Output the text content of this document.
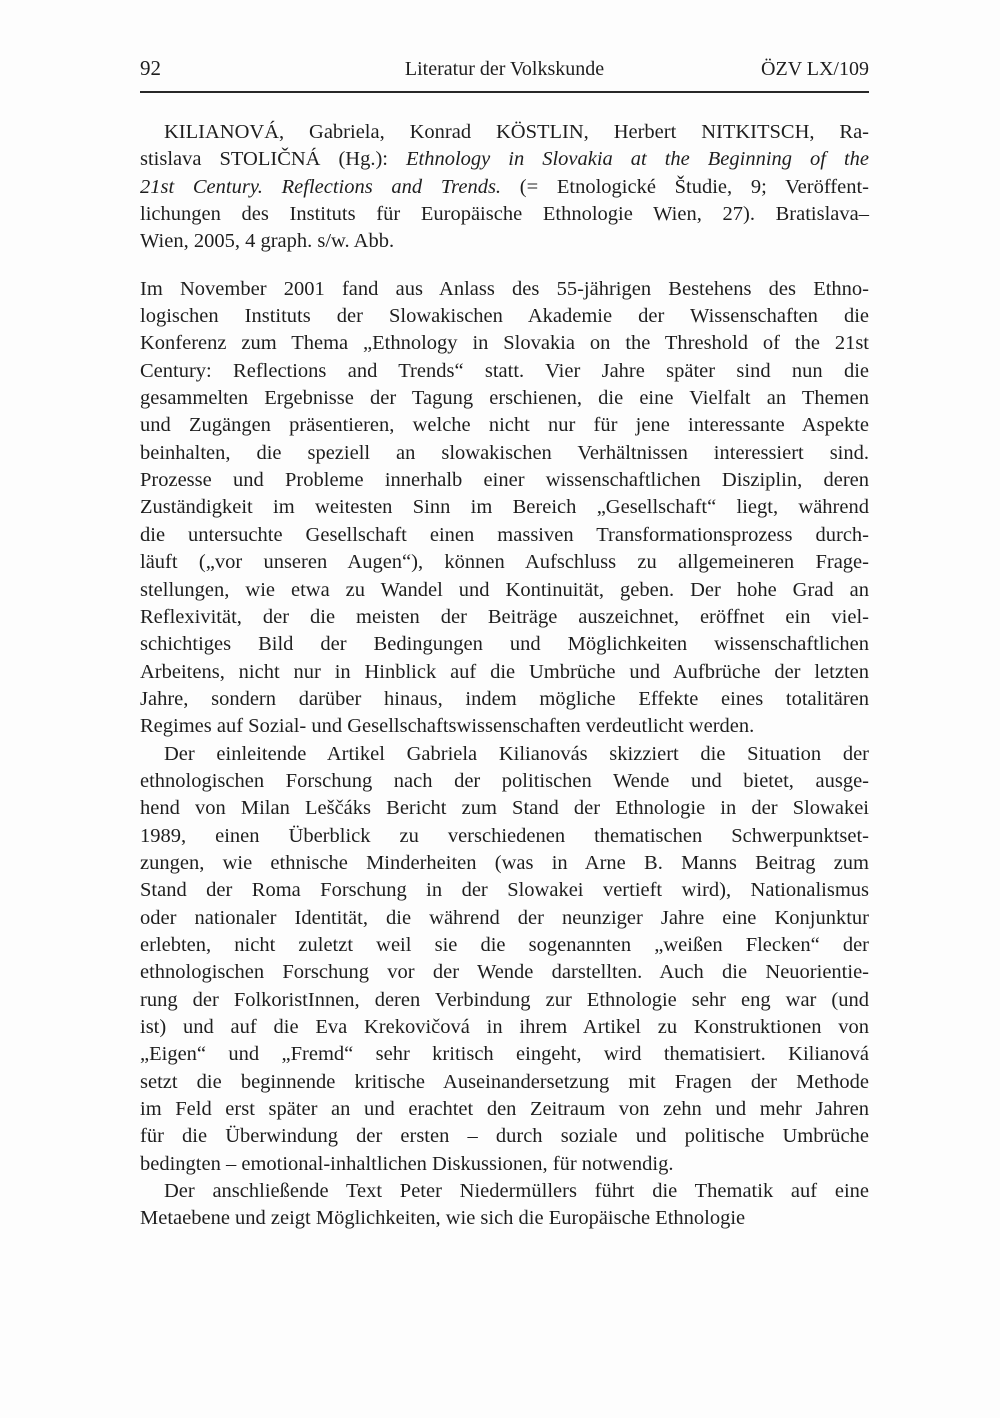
92	Literatur der Volkskunde	ÖZV LX/109
KILIANOVÁ, Gabriela, Konrad KÖSTLIN, Herbert NITKITSCH, Ra-
stislava STOLIČNÁ (Hg.): Ethnology in Slovakia at the Beginning of the
21st Century. Reflections and Trends. (= Etnologické Študie, 9; Veröffent-
lichungen des Instituts für Europäische Ethnologie Wien, 27). Bratislava–
Wien, 2005, 4 graph. s/w. Abb.
Im November 2001 fand aus Anlass des 55-jährigen Bestehens des Ethno-
logischen Instituts der Slowakischen Akademie der Wissenschaften die
Konferenz zum Thema „Ethnology in Slovakia on the Threshold of the 21st
Century: Reflections and Trends“ statt. Vier Jahre später sind nun die
gesammelten Ergebnisse der Tagung erschienen, die eine Vielfalt an Themen
und Zugängen präsentieren, welche nicht nur für jene interessante Aspekte
beinhalten, die speziell an slowakischen Verhältnissen interessiert sind.
Prozesse und Probleme innerhalb einer wissenschaftlichen Disziplin, deren
Zuständigkeit im weitesten Sinn im Bereich „Gesellschaft“ liegt, während
die untersuchte Gesellschaft einen massiven Transformationsprozess durch-
läuft („vor unseren Augen“), können Aufschluss zu allgemeineren Frage-
stellungen, wie etwa zu Wandel und Kontinuität, geben. Der hohe Grad an
Reflexivität, der die meisten der Beiträge auszeichnet, eröffnet ein viel-
schichtiges Bild der Bedingungen und Möglichkeiten wissenschaftlichen
Arbeitens, nicht nur in Hinblick auf die Umbrüche und Aufbrüche der letzten
Jahre, sondern darüber hinaus, indem mögliche Effekte eines totalitären
Regimes auf Sozial- und Gesellschaftswissenschaften verdeutlicht werden.
Der einleitende Artikel Gabriela Kilianovás skizziert die Situation der
ethnologischen Forschung nach der politischen Wende und bietet, ausge-
hend von Milan Leščáks Bericht zum Stand der Ethnologie in der Slowakei
1989, einen Überblick zu verschiedenen thematischen Schwerpunktset-
zungen, wie ethnische Minderheiten (was in Arne B. Manns Beitrag zum
Stand der Roma Forschung in der Slowakei vertieft wird), Nationalismus
oder nationaler Identität, die während der neunziger Jahre eine Konjunktur
erlebten, nicht zuletzt weil sie die sogenannten „weißen Flecken“ der
ethnologischen Forschung vor der Wende darstellten. Auch die Neuorientie-
rung der FolkoristInnen, deren Verbindung zur Ethnologie sehr eng war (und
ist) und auf die Eva Krekovičová in ihrem Artikel zu Konstruktionen von
„Eigen“ und „Fremd“ sehr kritisch eingeht, wird thematisiert. Kilianová
setzt die beginnende kritische Auseinandersetzung mit Fragen der Methode
im Feld erst später an und erachtet den Zeitraum von zehn und mehr Jahren
für die Überwindung der ersten – durch soziale und politische Umbrüche
bedingten – emotional-inhaltlichen Diskussionen, für notwendig.
Der anschließende Text Peter Niedermüllers führt die Thematik auf eine
Metaebene und zeigt Möglichkeiten, wie sich die Europäische Ethnologie
